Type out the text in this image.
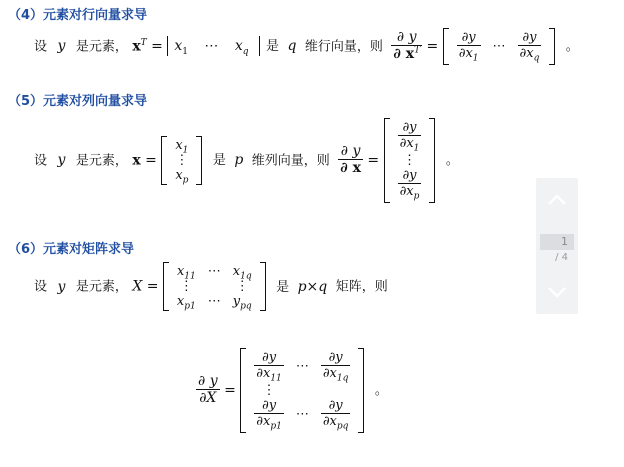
（4）元素对行向量求导
设 y 是元素， $x^T = x_1$ ⋯ $x_q$ 是 q 维行向量，则 $\frac{\partial y}{\partial x^T} = \frac{\partial y}{\partial x_1}$	⋯	$\frac{\partial y}{\partial x_q}$ 。
（5）元素对列向量求导
设 y 是元素， x =
$x_1$
⋮
$x_p$
是 p 维列向量，则 $\frac{\partial y}{\partial x}$ =
$\frac{\partial y}{\partial x_1}$

⋮

$\frac{\partial y}{\partial x_p}$
。
（6）元素对矩阵求导
设 y 是元素， X =
$x_{11}$	⋯	$x_{1q}$
⋮		⋮
$x_{p1}$	⋯	$y_{pq}$
是 p×q 矩阵，则
$\frac{\partial y}{\partial X}$ =
$\frac{\partial y}{\partial x_{11}}$	⋯	$\frac{\partial y}{\partial x_{1q}}$

⋮		

$\frac{\partial y}{\partial x_{p1}}$	⋯	$\frac{\partial y}{\partial x_{pq}}$
。
1
/ 4
